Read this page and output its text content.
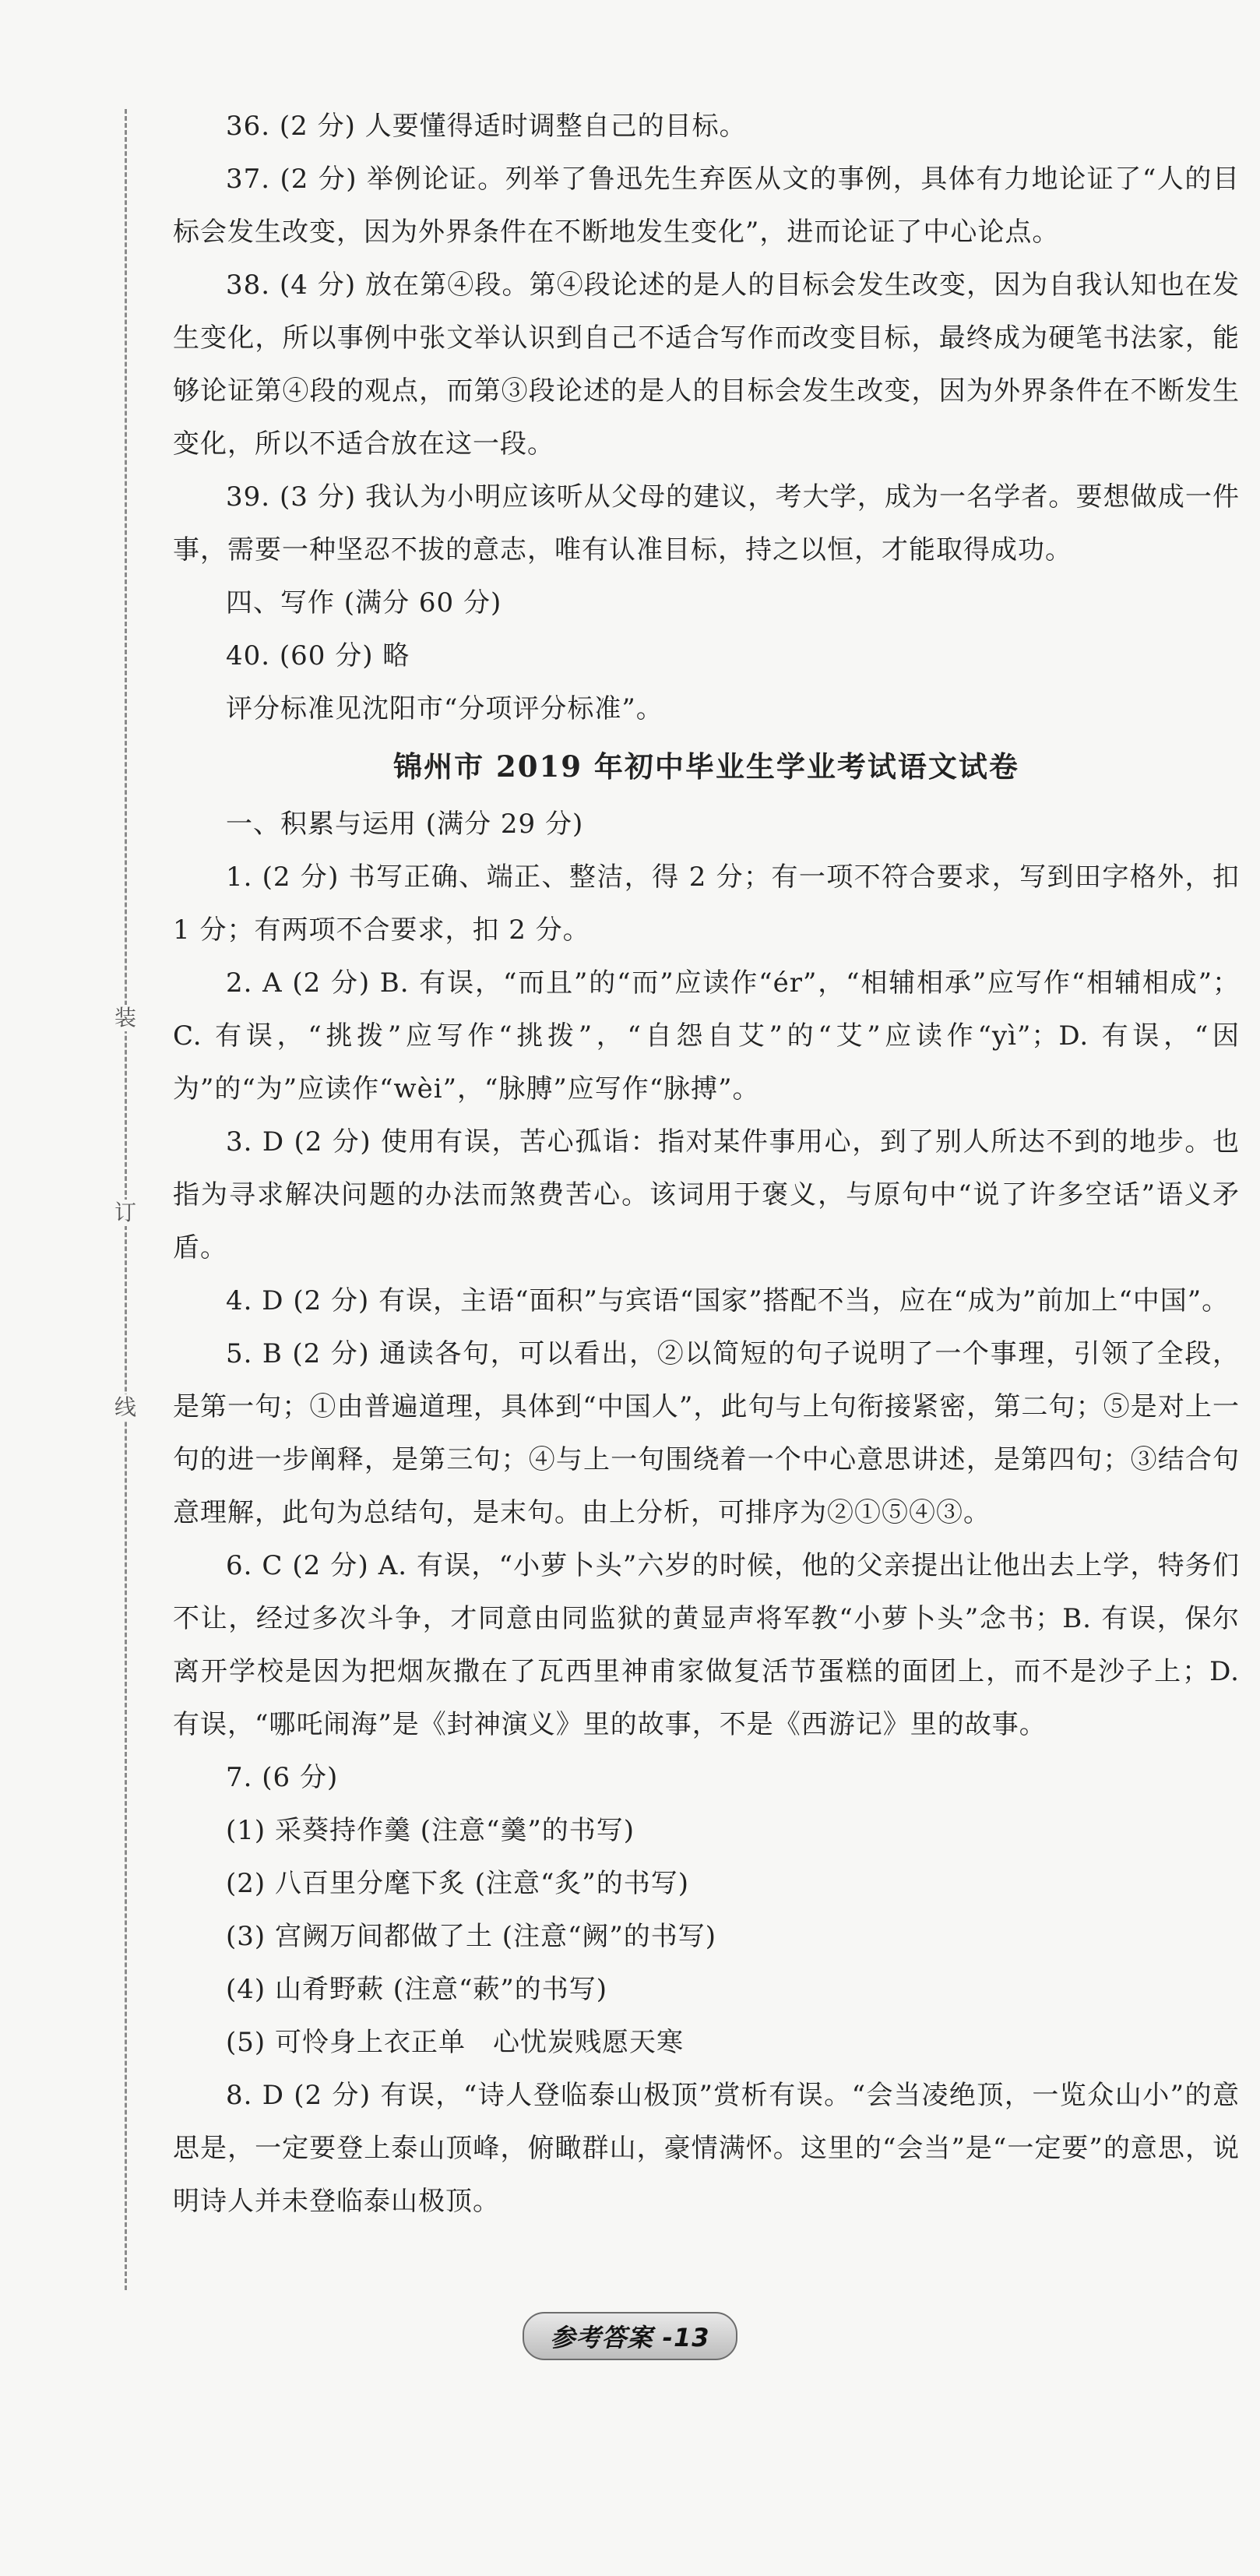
装
订
线

36. (2 分) 人要懂得适时调整自己的目标。

37. (2 分) 举例论证。列举了鲁迅先生弃医从文的事例，具体有力地论证了“人的目标会发生改变，因为外界条件在不断地发生变化”，进而论证了中心论点。

38. (4 分) 放在第④段。第④段论述的是人的目标会发生改变，因为自我认知也在发生变化，所以事例中张文举认识到自己不适合写作而改变目标，最终成为硬笔书法家，能够论证第④段的观点，而第③段论述的是人的目标会发生改变，因为外界条件在不断发生变化，所以不适合放在这一段。

39. (3 分) 我认为小明应该听从父母的建议，考大学，成为一名学者。要想做成一件事，需要一种坚忍不拔的意志，唯有认准目标，持之以恒，才能取得成功。

四、写作 (满分 60 分)

40. (60 分) 略

评分标准见沈阳市“分项评分标准”。

锦州市 2019 年初中毕业生学业考试语文试卷

一、积累与运用 (满分 29 分)

1. (2 分) 书写正确、端正、整洁，得 2 分；有一项不符合要求，写到田字格外，扣 1 分；有两项不合要求，扣 2 分。

2. A (2 分) B. 有误，“而且”的“而”应读作“ér”，“相辅相承”应写作“相辅相成”；C. 有误，“挑拨”应写作“挑拨”，“自怨自艾”的“艾”应读作“yì”；D. 有误，“因为”的“为”应读作“wèi”，“脉膊”应写作“脉搏”。

3. D (2 分) 使用有误，苦心孤诣：指对某件事用心，到了别人所达不到的地步。也指为寻求解决问题的办法而煞费苦心。该词用于褒义，与原句中“说了许多空话”语义矛盾。

4. D (2 分) 有误，主语“面积”与宾语“国家”搭配不当，应在“成为”前加上“中国”。

5. B (2 分) 通读各句，可以看出，②以简短的句子说明了一个事理，引领了全段，是第一句；①由普遍道理，具体到“中国人”，此句与上句衔接紧密，第二句；⑤是对上一句的进一步阐释，是第三句；④与上一句围绕着一个中心意思讲述，是第四句；③结合句意理解，此句为总结句，是末句。由上分析，可排序为②①⑤④③。

6. C (2 分) A. 有误，“小萝卜头”六岁的时候，他的父亲提出让他出去上学，特务们不让，经过多次斗争，才同意由同监狱的黄显声将军教“小萝卜头”念书；B. 有误，保尔离开学校是因为把烟灰撒在了瓦西里神甫家做复活节蛋糕的面团上，而不是沙子上；D. 有误，“哪吒闹海”是《封神演义》里的故事，不是《西游记》里的故事。

7. (6 分)

(1) 采葵持作羹 (注意“羹”的书写)

(2) 八百里分麾下炙 (注意“炙”的书写)

(3) 宫阙万间都做了土 (注意“阙”的书写)

(4) 山肴野蔌 (注意“蔌”的书写)

(5) 可怜身上衣正单　心忧炭贱愿天寒

8. D (2 分) 有误，“诗人登临泰山极顶”赏析有误。“会当凌绝顶，一览众山小”的意思是，一定要登上泰山顶峰，俯瞰群山，豪情满怀。这里的“会当”是“一定要”的意思，说明诗人并未登临泰山极顶。

参考答案 -13
